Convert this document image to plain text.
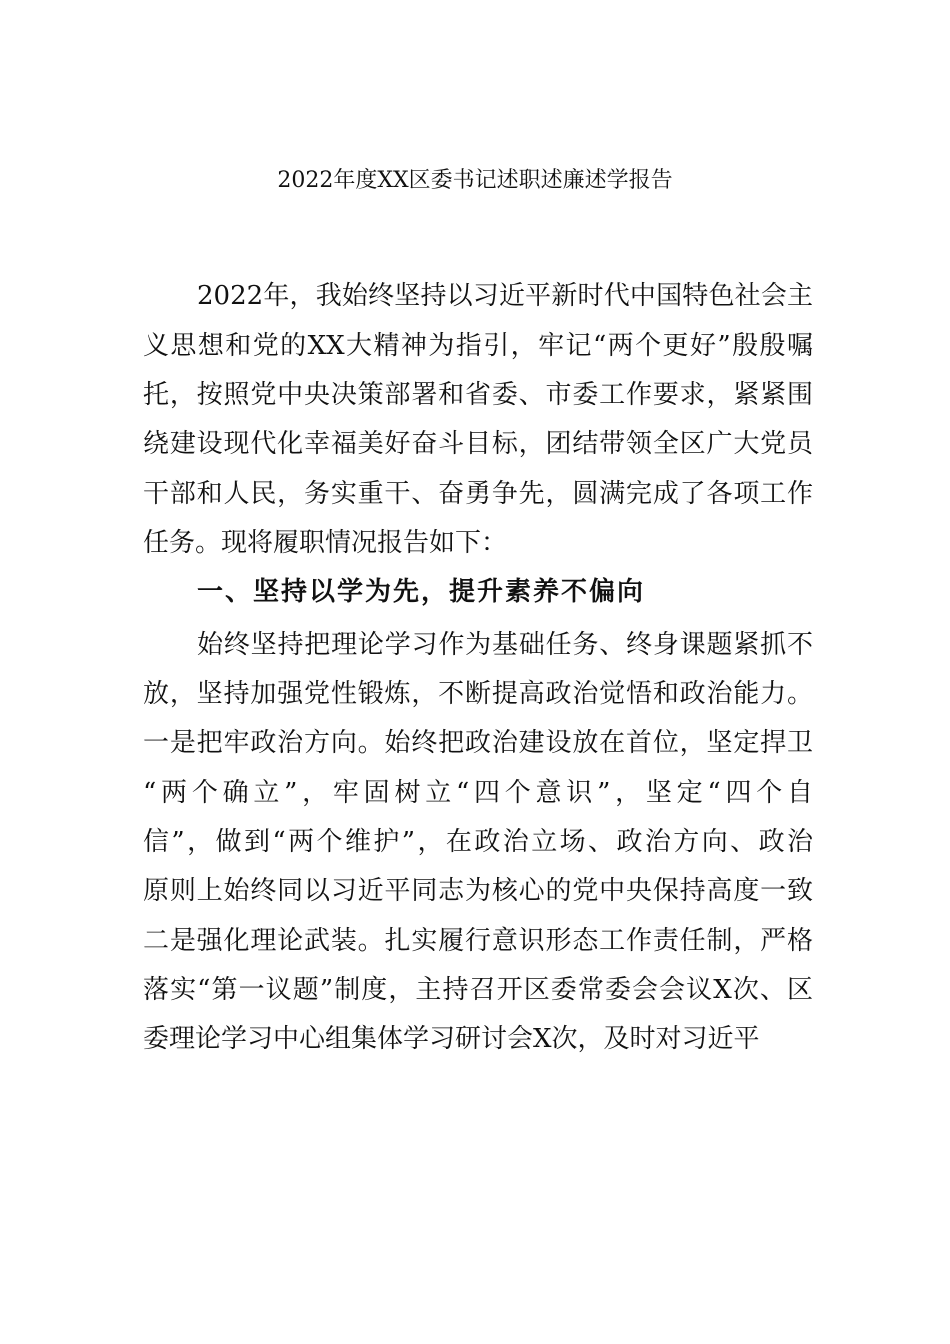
2022年度XX区委书记述职述廉述学报告
2022年，我始终坚持以习近平新时代中国特色社会主
义思想和党的XX大精神为指引，牢记“两个更好”殷殷嘱
托，按照党中央决策部署和省委、市委工作要求，紧紧围
绕建设现代化幸福美好奋斗目标，团结带领全区广大党员
干部和人民，务实重干、奋勇争先，圆满完成了各项工作
任务。现将履职情况报告如下：
一、坚持以学为先，提升素养不偏向
始终坚持把理论学习作为基础任务、终身课题紧抓不
放，坚持加强党性锻炼，不断提高政治觉悟和政治能力。
一是把牢政治方向。始终把政治建设放在首位，坚定捍卫
“两个确立”，牢固树立“四个意识”，坚定“四个自
信”，做到“两个维护”，在政治立场、政治方向、政治
原则上始终同以习近平同志为核心的党中央保持高度一致
二是强化理论武装。扎实履行意识形态工作责任制，严格
落实“第一议题”制度，主持召开区委常委会会议X次、区
委理论学习中心组集体学习研讨会X次，及时对习近平
